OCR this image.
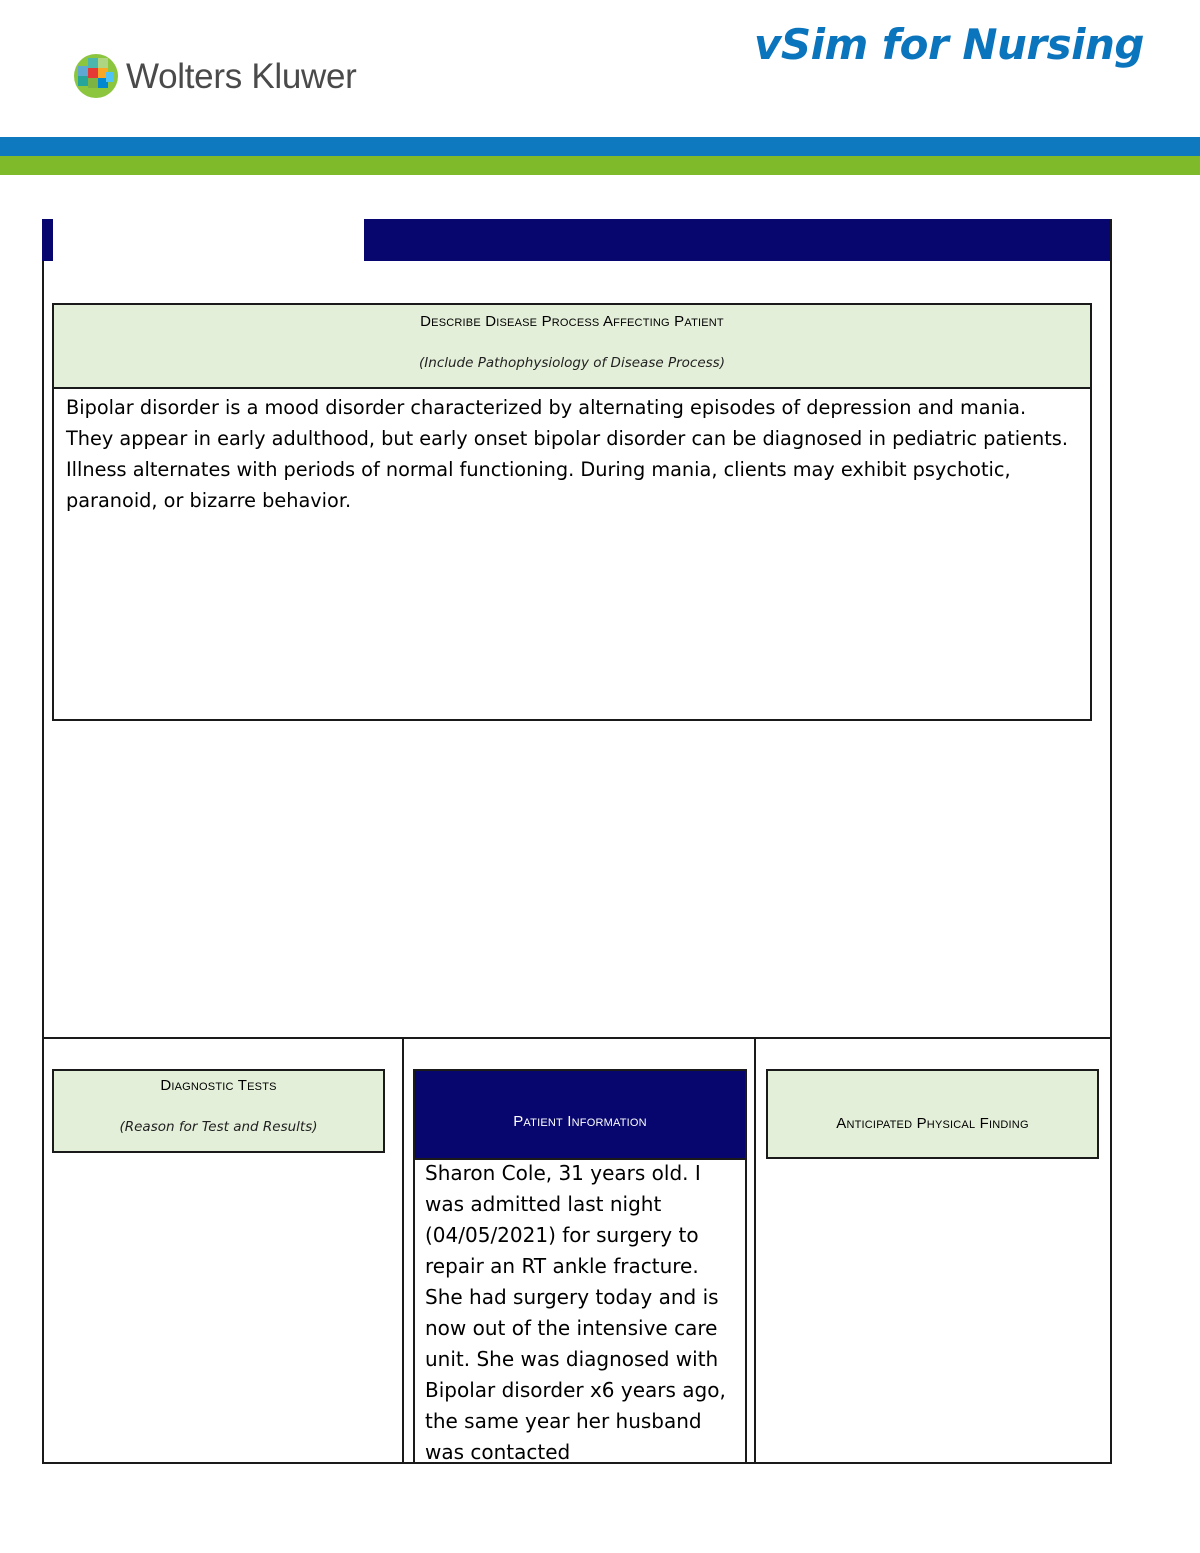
Wolters Kluwer
vSim for Nursing
Describe Disease Process Affecting Patient
(Include Pathophysiology of Disease Process)

Bipolar disorder is a mood disorder characterized by alternating episodes of depression and mania. They appear in early adulthood, but early onset bipolar disorder can be diagnosed in pediatric patients. Illness alternates with periods of normal functioning. During mania, clients may exhibit psychotic, paranoid, or bizarre behavior.

Diagnostic Tests
(Reason for Test and Results)	Patient Information

Sharon Cole, 31 years old. I was admitted last night (04/05/2021) for surgery to repair an RT ankle fracture. She had surgery today and is now out of the intensive care unit. She was diagnosed with Bipolar disorder x6 years ago, the same year her husband was contacted

Anticipated Physical Finding
